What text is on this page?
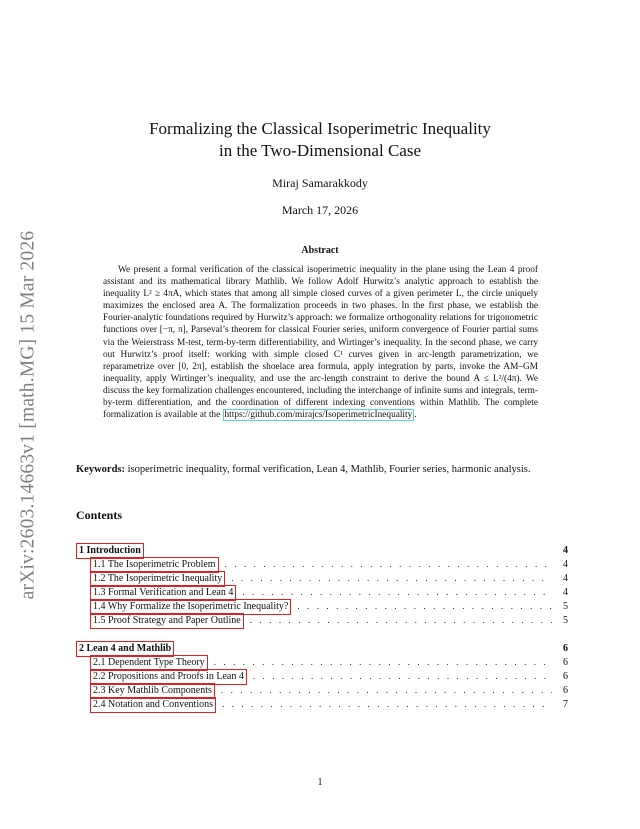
arXiv:2603.14663v1 [math.MG] 15 Mar 2026
Formalizing the Classical Isoperimetric Inequality
in the Two-Dimensional Case
Miraj Samarakkody
March 17, 2026
Abstract

We present a formal verification of the classical isoperimetric inequality in the plane using the Lean 4 proof assistant and its mathematical library Mathlib. We follow Adolf Hurwitz’s analytic approach to establish the inequality L² ≥ 4πA, which states that among all simple closed curves of a given perimeter L, the circle uniquely maximizes the enclosed area A. The formalization proceeds in two phases. In the first phase, we establish the Fourier-analytic foundations required by Hurwitz’s approach: we formalize orthogonality relations for trigonometric functions over [−π, π], Parseval’s theorem for classical Fourier series, uniform convergence of Fourier partial sums via the Weierstrass M-test, term-by-term differentiability, and Wirtinger’s inequality. In the second phase, we carry out Hurwitz’s proof itself: working with simple closed C¹ curves given in arc-length parametrization, we reparametrize over [0, 2π], establish the shoelace area formula, apply integration by parts, invoke the AM–GM inequality, apply Wirtinger’s inequality, and use the arc-length constraint to derive the bound A ≤ L²/(4π). We discuss the key formalization challenges encountered, including the interchange of infinite sums and integrals, term-by-term differentiation, and the coordination of different indexing conventions within Mathlib. The complete formalization is available at the https://github.com/mirajcs/IsoperimetricInequality .

Keywords: isoperimetric inequality, formal verification, Lean 4, Mathlib, Fourier series, harmonic analysis.

Contents
1 Introduction	4
1.1 The Isoperimetric Problem . . .	4
1.2 The Isoperimetric Inequality . . .	4
1.3 Formal Verification and Lean 4 . . .	4
1.4 Why Formalize the Isoperimetric Inequality? . . .	5
1.5 Proof Strategy and Paper Outline . . .	5
2 Lean 4 and Mathlib	6
2.1 Dependent Type Theory . . .	6
2.2 Propositions and Proofs in Lean 4 . . .	6
2.3 Key Mathlib Components . . .	6
2.4 Notation and Conventions . . .	7
1
